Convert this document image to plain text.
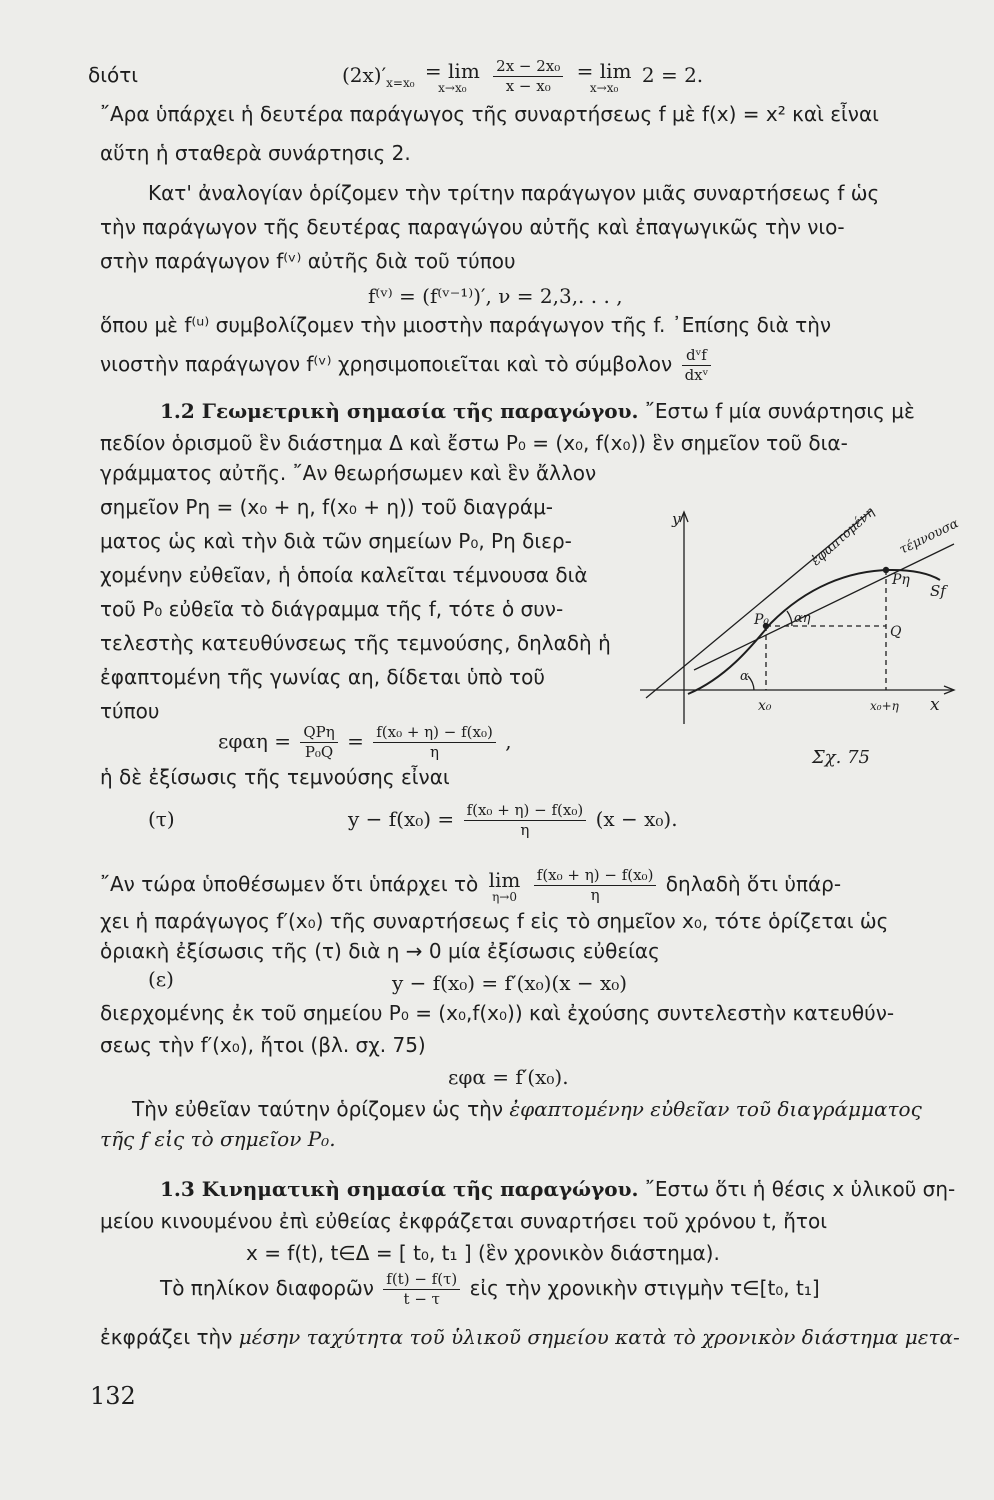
διότι	$(2x)'_{x=x_0}$
= lim
x→x₀
	$\frac{\text{2x − 2x₀}}{\text{x − x₀}}$
= lim
x→x₀
2 = 2.
῎Αρα ὑπάρχει ἡ δευτέρα παράγωγος τῆς συναρτήσεως f μὲ f(x) = x² καὶ εἶναι
αὕτη ἡ σταθερὰ συνάρτησις 2.
Κατ' ἀναλογίαν ὁρίζομεν τὴν τρίτην παράγωγον μιᾶς συναρτήσεως f ὡς
τὴν παράγωγον τῆς δευτέρας παραγώγου αὐτῆς καὶ ἐπαγωγικῶς τὴν νιο-
στὴν παράγωγον f⁽ᵛ⁾ αὐτῆς διὰ τοῦ τύπου
f⁽ᵛ⁾ = (f⁽ᵛ⁻¹⁾)′, ν = 2,3,. . . ,
ὅπου μὲ f⁽ᵘ⁾ συμβολίζομεν τὴν μιοστὴν παράγωγον τῆς f. ᾽Επίσης διὰ τὴν
νιοστὴν παράγωγον f⁽ᵛ⁾ χρησιμοποιεῖται καὶ τὸ σύμβολον $\frac{\text{dᵛf}}{\text{dxᵛ}}$
1.2 Γεωμετρικὴ σημασία τῆς παραγώγου. ῎Εστω f μία συνάρτησις μὲ
πεδίον ὁρισμοῦ ἓν διάστημα Δ καὶ ἔστω P₀ = (x₀, f(x₀)) ἓν σημεῖον τοῦ δια-
γράμματος αὐτῆς. ῎Αν θεωρήσωμεν καὶ ἓν ἄλλον
σημεῖον Pη = (x₀ + η, f(x₀ + η)) τοῦ διαγράμ-
ματος ὡς καὶ τὴν διὰ τῶν σημείων P₀, Pη διερ-
χομένην εὐθεῖαν, ἡ ὁποία καλεῖται τέμνουσα διὰ
τοῦ P₀ εὐθεῖα τὸ διάγραμμα τῆς f, τότε ὁ συν-
τελεστὴς κατευθύνσεως τῆς τεμνούσης, δηλαδὴ ἡ
ἐφαπτομένη τῆς γωνίας αη, δίδεται ὑπὸ τοῦ
τύπου
$\varepsilon\varphi\alpha\eta = \frac{\text{QPη}}{\text{P₀Q}} = \frac{\text{f(x₀ + η) − f(x₀)}}{\eta}$ ,
ἡ δὲ ἐξίσωσις τῆς τεμνούσης εἶναι
(τ)	$y - f(x_0) = \frac{\text{f(x₀ + η) − f(x₀)}}{\eta} (x - x_0)$.
῎Αν τώρα ὑποθέσωμεν ὅτι ὑπάρχει τὸ lim
η→0
$\frac{\text{f(x₀ + η) − f(x₀)}}{\eta}$ δηλαδὴ ὅτι ὑπάρ-
χει ἡ παράγωγος f′(x₀) τῆς συναρτήσεως f εἰς τὸ σημεῖον x₀, τότε ὁρίζεται ὡς
ὁριακὴ ἐξίσωσις τῆς (τ) διὰ η → 0 μία ἐξίσωσις εὐθείας
(ε)	y − f(x₀) = f′(x₀)(x − x₀)
διερχομένης ἐκ τοῦ σημείου P₀ = (x₀,f(x₀)) καὶ ἐχούσης συντελεστὴν κατευθύν-
σεως τὴν f′(x₀), ἤτοι (βλ. σχ. 75)
εφα = f′(x₀).
Τὴν εὐθεῖαν ταύτην ὁρίζομεν ὡς τὴν ἐφαπτομένην εὐθεῖαν τοῦ διαγράμματος
τῆς f εἰς τὸ σημεῖον P₀.
1.3 Κινηματικὴ σημασία τῆς παραγώγου. ῎Εστω ὅτι ἡ θέσις x ὑλικοῦ ση-
μείου κινουμένου ἐπὶ εὐθείας ἐκφράζεται συναρτήσει τοῦ χρόνου t, ἤτοι
x = f(t), t∈Δ = [ t₀, t₁ ] (ἓν χρονικὸν διάστημα).
Τὸ πηλίκον διαφορῶν $\frac{f(t) - f(\tau)}{t - \tau}$ εἰς τὴν χρονικὴν στιγμὴν τ∈[t₀, t₁]
ἐκφράζει τὴν μέσην ταχύτητα τοῦ ὑλικοῦ σημείου κατὰ τὸ χρονικὸν διάστημα μετα-
y
x
ἐφαπτομένη τέμνουσα
P₀
Pη
Sf
αη
α
Q
x₀	x₀+η
Σχ. 75
132
